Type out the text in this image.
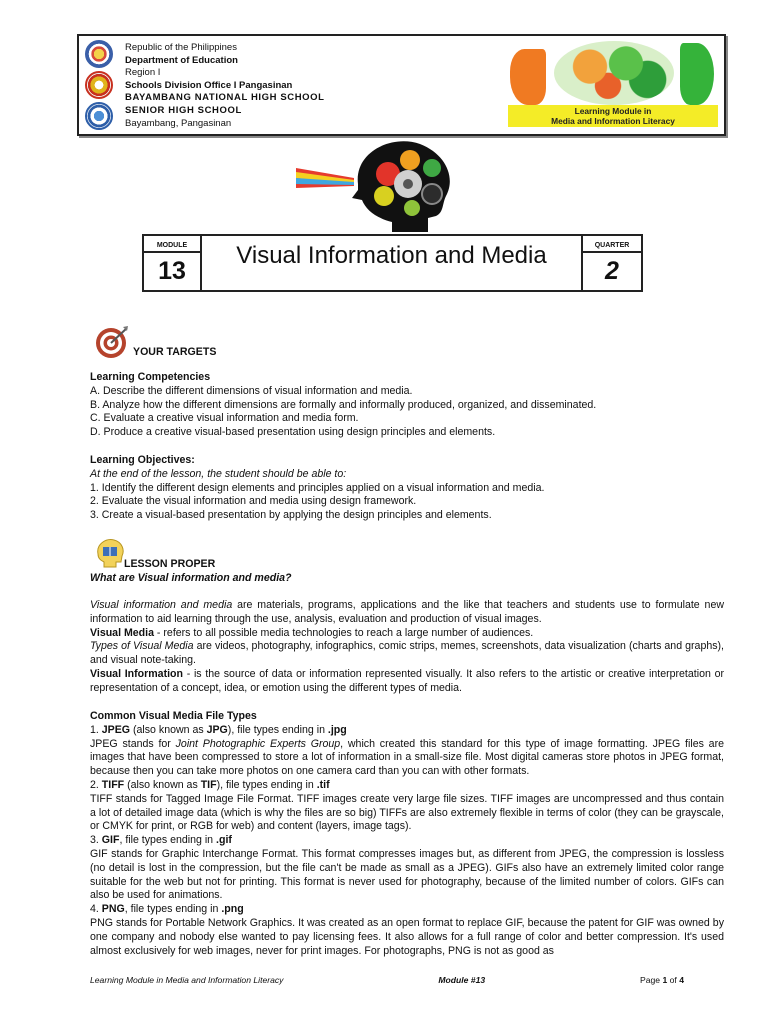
Republic of the Philippines
Department of Education
Region I
Schools Division Office I Pangasinan
BAYAMBANG NATIONAL HIGH SCHOOL
SENIOR HIGH SCHOOL
Bayambang, Pangasinan
Learning Module in
Media and Information Literacy
MODULE
13
Visual Information and Media	QUARTER
2
YOUR TARGETS
Learning Competencies
A. Describe the different dimensions of visual information and media.
B. Analyze how the different dimensions are formally and informally produced, organized, and disseminated.
C. Evaluate a creative visual information and media form.
D. Produce a creative visual-based presentation using design principles and elements.
Learning Objectives:
At the end of the lesson, the student should be able to:
1. Identify the different design elements and principles applied on a visual information and media.
2. Evaluate the visual information and media using design framework.
3. Create a visual-based presentation by applying the design principles and elements.
LESSON PROPER
What are Visual information and media?
Visual information and media are materials, programs, applications and the like that teachers and students use to formulate new information to aid learning through the use, analysis, evaluation and production of visual images.
Visual Media - refers to all possible media technologies to reach a large number of audiences.
Types of Visual Media are videos, photography, infographics, comic strips, memes, screenshots, data visualization (charts and graphs), and visual note-taking.
Visual Information - is the source of data or information represented visually. It also refers to the artistic or creative interpretation or representation of a concept, idea, or emotion using the different types of media.
Common Visual Media File Types
1. JPEG (also known as JPG), file types ending in .jpg
JPEG stands for Joint Photographic Experts Group, which created this standard for this type of image formatting. JPEG files are images that have been compressed to store a lot of information in a small-size file. Most digital cameras store photos in JPEG format, because then you can take more photos on one camera card than you can with other formats.
2. TIFF (also known as TIF), file types ending in .tif
TIFF stands for Tagged Image File Format. TIFF images create very large file sizes. TIFF images are uncompressed and thus contain a lot of detailed image data (which is why the files are so big) TIFFs are also extremely flexible in terms of color (they can be grayscale, or CMYK for print, or RGB for web) and content (layers, image tags).
3. GIF, file types ending in .gif
GIF stands for Graphic Interchange Format. This format compresses images but, as different from JPEG, the compression is lossless (no detail is lost in the compression, but the file can't be made as small as a JPEG). GIFs also have an extremely limited color range suitable for the web but not for printing. This format is never used for photography, because of the limited number of colors. GIFs can also be used for animations.
4. PNG, file types ending in .png
PNG stands for Portable Network Graphics. It was created as an open format to replace GIF, because the patent for GIF was owned by one company and nobody else wanted to pay licensing fees. It also allows for a full range of color and better compression. It's used almost exclusively for web images, never for print images. For photographs, PNG is not as good as
Learning Module in Media and Information Literacy	Module #13	Page 1 of 4
